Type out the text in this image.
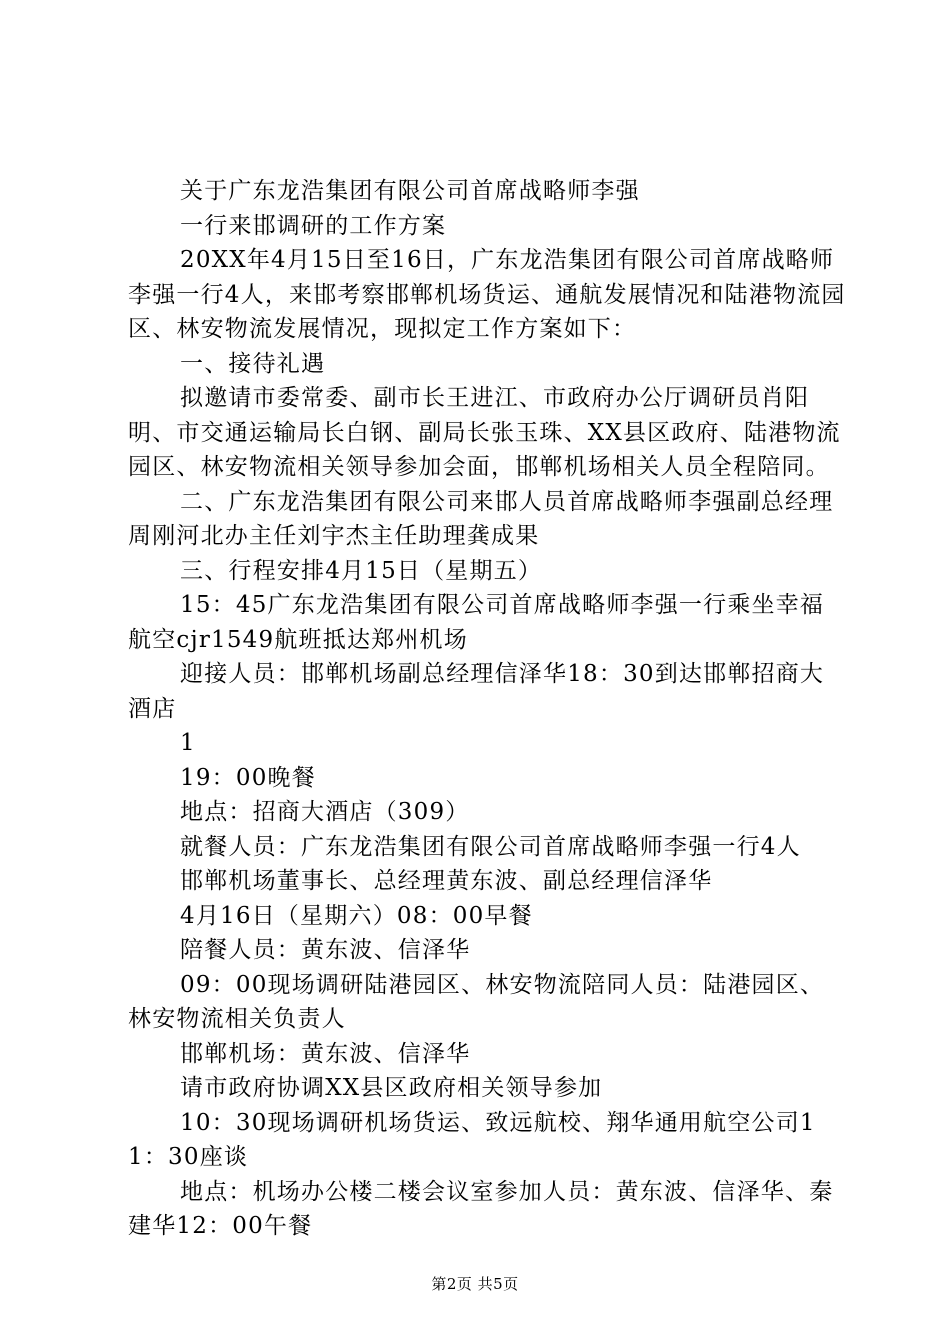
关于广东龙浩集团有限公司首席战略师李强

一行来邯调研的工作方案

20XX年4月15日至16日，广东龙浩集团有限公司首席战略师李强一行4人，来邯考察邯郸机场货运、通航发展情况和陆港物流园区、林安物流发展情况，现拟定工作方案如下：

一、接待礼遇

拟邀请市委常委、副市长王进江、市政府办公厅调研员肖阳明、市交通运输局长白钢、副局长张玉珠、XX县区政府、陆港物流园区、林安物流相关领导参加会面，邯郸机场相关人员全程陪同。

二、广东龙浩集团有限公司来邯人员首席战略师李强副总经理周刚河北办主任刘宇杰主任助理龚成果

三、行程安排4月15日（星期五）

15：45广东龙浩集团有限公司首席战略师李强一行乘坐幸福航空cjr1549航班抵达郑州机场

迎接人员：邯郸机场副总经理信泽华18：30到达邯郸招商大酒店

1

19：00晚餐

地点：招商大酒店（309）

就餐人员：广东龙浩集团有限公司首席战略师李强一行4人

邯郸机场董事长、总经理黄东波、副总经理信泽华

4月16日（星期六）08：00早餐

陪餐人员：黄东波、信泽华

09：00现场调研陆港园区、林安物流陪同人员：陆港园区、林安物流相关负责人

邯郸机场：黄东波、信泽华

请市政府协调XX县区政府相关领导参加

10：30现场调研机场货运、致远航校、翔华通用航空公司11：30座谈

地点：机场办公楼二楼会议室参加人员：黄东波、信泽华、秦建华12：00午餐

第2页 共5页
